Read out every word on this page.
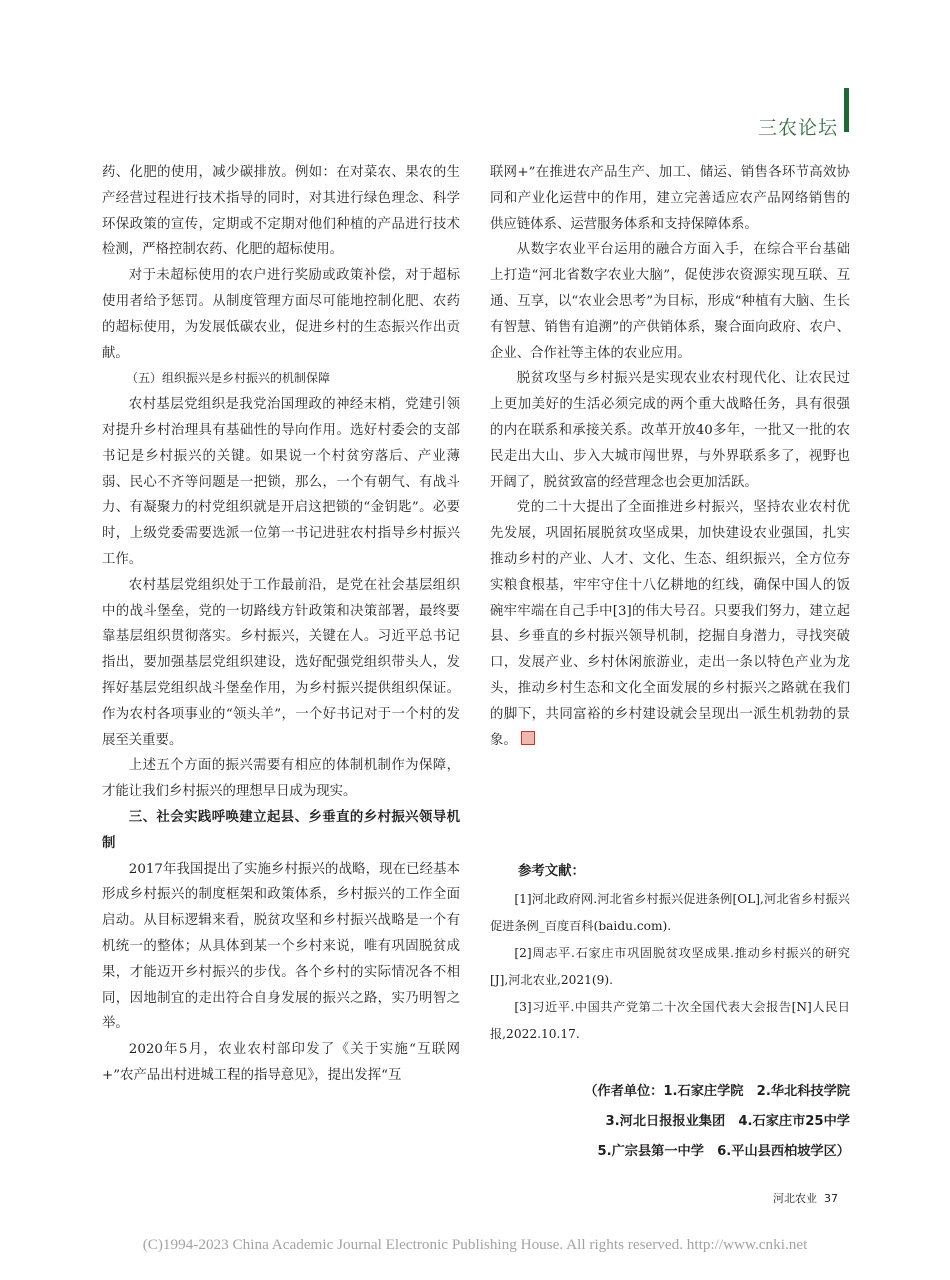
三农论坛

药、化肥的使用，减少碳排放。例如：在对菜农、果农的生产经营过程进行技术指导的同时，对其进行绿色理念、科学环保政策的宣传，定期或不定期对他们种植的产品进行技术检测，严格控制农药、化肥的超标使用。

对于未超标使用的农户进行奖励或政策补偿，对于超标使用者给予惩罚。从制度管理方面尽可能地控制化肥、农药的超标使用，为发展低碳农业，促进乡村的生态振兴作出贡献。

（五）组织振兴是乡村振兴的机制保障

农村基层党组织是我党治国理政的神经末梢，党建引领对提升乡村治理具有基础性的导向作用。选好村委会的支部书记是乡村振兴的关键。如果说一个村贫穷落后、产业薄弱、民心不齐等问题是一把锁，那么，一个有朝气、有战斗力、有凝聚力的村党组织就是开启这把锁的“金钥匙”。必要时，上级党委需要选派一位第一书记进驻农村指导乡村振兴工作。

农村基层党组织处于工作最前沿，是党在社会基层组织中的战斗堡垒，党的一切路线方针政策和决策部署，最终要靠基层组织贯彻落实。乡村振兴，关键在人。习近平总书记指出，要加强基层党组织建设，选好配强党组织带头人，发挥好基层党组织战斗堡垒作用，为乡村振兴提供组织保证。作为农村各项事业的“领头羊”，一个好书记对于一个村的发展至关重要。

上述五个方面的振兴需要有相应的体制机制作为保障，才能让我们乡村振兴的理想早日成为现实。

三、社会实践呼唤建立起县、乡垂直的乡村振兴领导机制

2017年我国提出了实施乡村振兴的战略，现在已经基本形成乡村振兴的制度框架和政策体系，乡村振兴的工作全面启动。从目标逻辑来看，脱贫攻坚和乡村振兴战略是一个有机统一的整体；从具体到某一个乡村来说，唯有巩固脱贫成果，才能迈开乡村振兴的步伐。各个乡村的实际情况各不相同，因地制宜的走出符合自身发展的振兴之路，实乃明智之举。

2020年5月，农业农村部印发了《关于实施“互联网+”农产品出村进城工程的指导意见》，提出发挥“互

联网+”在推进农产品生产、加工、储运、销售各环节高效协同和产业化运营中的作用，建立完善适应农产品网络销售的供应链体系、运营服务体系和支持保障体系。

从数字农业平台运用的融合方面入手，在综合平台基础上打造“河北省数字农业大脑”，促使涉农资源实现互联、互通、互享，以“农业会思考”为目标，形成“种植有大脑、生长有智慧、销售有追溯”的产供销体系，聚合面向政府、农户、企业、合作社等主体的农业应用。

脱贫攻坚与乡村振兴是实现农业农村现代化、让农民过上更加美好的生活必须完成的两个重大战略任务，具有很强的内在联系和承接关系。改革开放40多年，一批又一批的农民走出大山、步入大城市闯世界，与外界联系多了，视野也开阔了，脱贫致富的经营理念也会更加活跃。

党的二十大提出了全面推进乡村振兴，坚持农业农村优先发展，巩固拓展脱贫攻坚成果，加快建设农业强国，扎实推动乡村的产业、人才、文化、生态、组织振兴，全方位夯实粮食根基，牢牢守住十八亿耕地的红线，确保中国人的饭碗牢牢端在自己手中[3]的伟大号召。只要我们努力，建立起县、乡垂直的乡村振兴领导机制，挖掘自身潜力，寻找突破口，发展产业、乡村休闲旅游业，走出一条以特色产业为龙头，推动乡村生态和文化全面发展的乡村振兴之路就在我们的脚下，共同富裕的乡村建设就会呈现出一派生机勃勃的景象。

参考文献：

[1]河北政府网.河北省乡村振兴促进条例[OL],河北省乡村振兴促进条例_百度百科(baidu.com).

[2]周志平.石家庄市巩固脱贫攻坚成果.推动乡村振兴的研究[J],河北农业,2021(9).

[3]习近平.中国共产党第二十次全国代表大会报告[N]人民日报,2022.10.17.

（作者单位：1.石家庄学院　2.华北科技学院
3.河北日报报业集团　4.石家庄市25中学
5.广宗县第一中学　6.平山县西柏坡学区）
河北农业 37
(C)1994-2023 China Academic Journal Electronic Publishing House. All rights reserved. http://www.cnki.net
